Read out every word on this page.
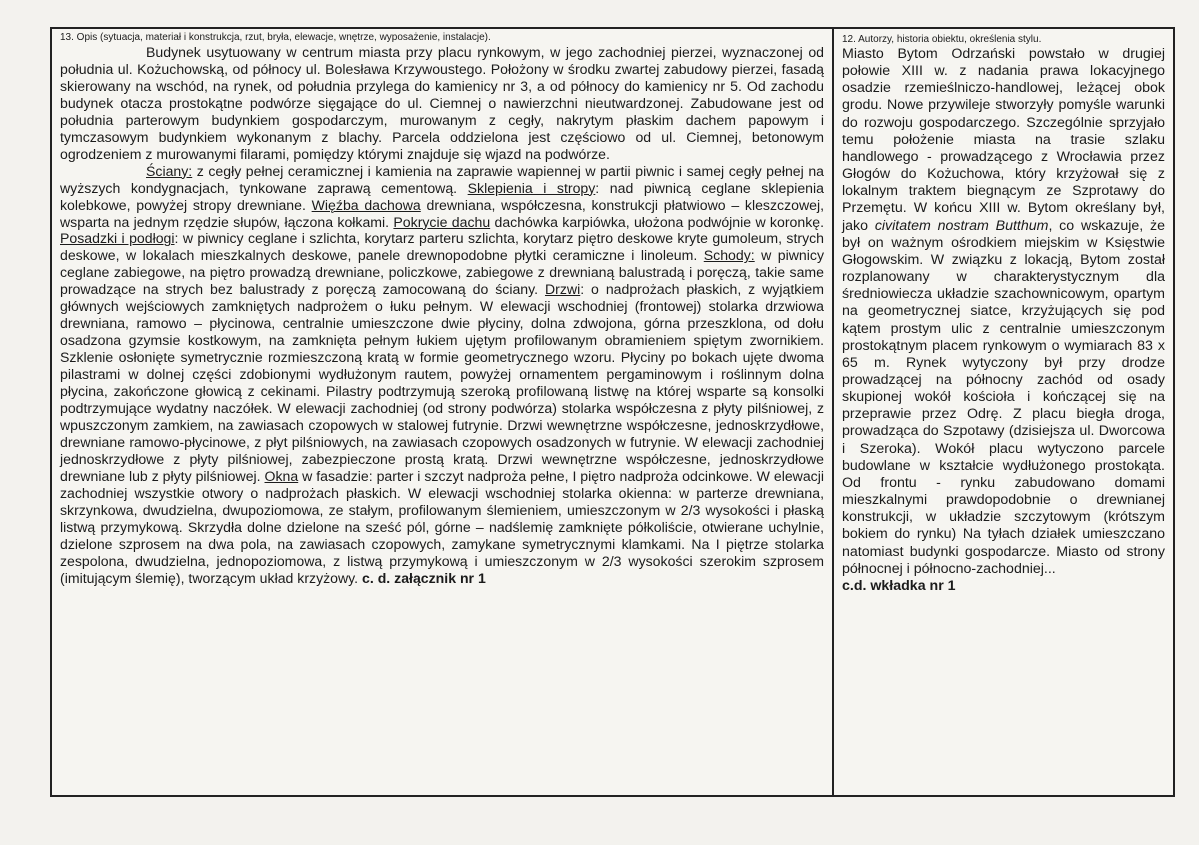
13. Opis (sytuacja, materiał i konstrukcja, rzut, bryła, elewacje, wnętrze, wyposażenie, instalacje).

Budynek usytuowany w centrum miasta przy placu rynkowym, w jego zachodniej pierzei, wyznaczonej od południa ul. Kożuchowską, od północy ul. Bolesława Krzywoustego. Położony w środku zwartej zabudowy pierzei, fasadą skierowany na wschód, na rynek, od południa przylega do kamienicy nr 3, a od północy do kamienicy nr 5. Od zachodu budynek otacza prostokątne podwórze sięgające do ul. Ciemnej o nawierzchni nieutwardzonej. Zabudowane jest od południa parterowym budynkiem gospodarczym, murowanym z cegły, nakrytym płaskim dachem papowym i tymczasowym budynkiem wykonanym z blachy. Parcela oddzielona jest częściowo od ul. Ciemnej, betonowym ogrodzeniem z murowanymi filarami, pomiędzy którymi znajduje się wjazd na podwórze.

Ściany: z cegły pełnej ceramicznej i kamienia na zaprawie wapiennej w partii piwnic i samej cegły pełnej na wyższych kondygnacjach, tynkowane zaprawą cementową. Sklepienia i stropy: nad piwnicą ceglane sklepienia kolebkowe, powyżej stropy drewniane. Więźba dachowa drewniana, współczesna, konstrukcji płatwiowo – kleszczowej, wsparta na jednym rzędzie słupów, łączona kołkami. Pokrycie dachu dachówka karpiówka, ułożona podwójnie w koronkę. Posadzki i podłogi: w piwnicy ceglane i szlichta, korytarz parteru szlichta, korytarz piętro deskowe kryte gumoleum, strych deskowe, w lokalach mieszkalnych deskowe, panele drewnopodobne płytki ceramiczne i linoleum. Schody: w piwnicy ceglane zabiegowe, na piętro prowadzą drewniane, policzkowe, zabiegowe z drewnianą balustradą i poręczą, takie same prowadzące na strych bez balustrady z poręczą zamocowaną do ściany. Drzwi: o nadprożach płaskich, z wyjątkiem głównych wejściowych zamkniętych nadprożem o łuku pełnym. W elewacji wschodniej (frontowej) stolarka drzwiowa drewniana, ramowo – płycinowa, centralnie umieszczone dwie płyciny, dolna zdwojona, górna przeszklona, od dołu osadzona gzymsie kostkowym, na zamknięta pełnym łukiem ujętym profilowanym obramieniem spiętym zwornikiem. Szklenie osłonięte symetrycznie rozmieszczoną kratą w formie geometrycznego wzoru. Płyciny po bokach ujęte dwoma pilastrami w dolnej części zdobionymi wydłużonym rautem, powyżej ornamentem pergaminowym i roślinnym dolna płycina, zakończone głowicą z cekinami. Pilastry podtrzymują szeroką profilowaną listwę na której wsparte są konsolki podtrzymujące wydatny naczółek. W elewacji zachodniej (od strony podwórza) stolarka współczesna z płyty pilśniowej, z wpuszczonym zamkiem, na zawiasach czopowych w stalowej futrynie. Drzwi wewnętrzne współczesne, jednoskrzydłowe, drewniane ramowo-płycinowe, z płyt pilśniowych, na zawiasach czopowych osadzonych w futrynie. W elewacji zachodniej jednoskrzydłowe z płyty pilśniowej, zabezpieczone prostą kratą. Drzwi wewnętrzne współczesne, jednoskrzydłowe drewniane lub z płyty pilśniowej. Okna w fasadzie: parter i szczyt nadproża pełne, I piętro nadproża odcinkowe. W elewacji zachodniej wszystkie otwory o nadprożach płaskich. W elewacji wschodniej stolarka okienna: w parterze drewniana, skrzynkowa, dwudzielna, dwupoziomowa, ze stałym, profilowanym ślemieniem, umieszczonym w 2/3 wysokości i płaską listwą przymykową. Skrzydła dolne dzielone na sześć pól, górne – nadślemię zamknięte półkoliście, otwierane uchylnie, dzielone szprosem na dwa pola, na zawiasach czopowych, zamykane symetrycznymi klamkami. Na I piętrze stolarka zespolona, dwudzielna, jednopoziomowa, z listwą przymykową i umieszczonym w 2/3 wysokości szerokim szprosem (imitującym ślemię), tworzącym układ krzyżowy. c. d. załącznik nr 1

12. Autorzy, historia obiektu, określenia stylu.

Miasto Bytom Odrzański powstało w drugiej połowie XIII w. z nadania prawa lokacyjnego osadzie rzemieślniczo-handlowej, leżącej obok grodu. Nowe przywileje stworzyły pomyśle warunki do rozwoju gospodarczego. Szczególnie sprzyjało temu położenie miasta na trasie szlaku handlowego - prowadzącego z Wrocławia przez Głogów do Kożuchowa, który krzyżował się z lokalnym traktem biegnącym ze Szprotawy do Przemętu. W końcu XIII w. Bytom określany był, jako civitatem nostram Butthum, co wskazuje, że był on ważnym ośrodkiem miejskim w Księstwie Głogowskim. W związku z lokacją, Bytom został rozplanowany w charakterystycznym dla średniowiecza układzie szachownicowym, opartym na geometrycznej siatce, krzyżujących się pod kątem prostym ulic z centralnie umieszczonym prostokątnym placem rynkowym o wymiarach 83 x 65 m. Rynek wytyczony był przy drodze prowadzącej na północny zachód od osady skupionej wokół kościoła i kończącej się na przeprawie przez Odrę. Z placu biegła droga, prowadząca do Szpotawy (dzisiejsza ul. Dworcowa i Szeroka). Wokół placu wytyczono parcele budowlane w kształcie wydłużonego prostokąta. Od frontu - rynku zabudowano domami mieszkalnymi prawdopodobnie o drewnianej konstrukcji, w układzie szczytowym (krótszym bokiem do rynku) Na tyłach działek umieszczano natomiast budynki gospodarcze. Miasto od strony północnej i północno-zachodniej...
c.d. wkładka nr 1
